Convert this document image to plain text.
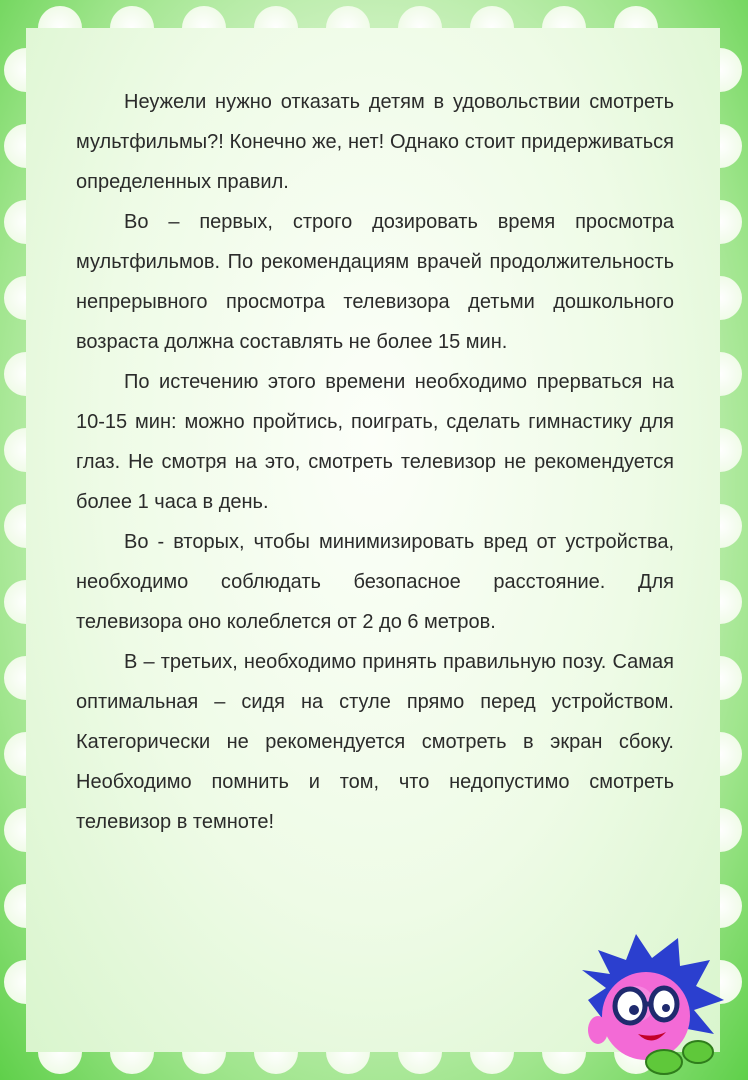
Неужели нужно отказать детям в удовольствии смотреть мультфильмы?! Конечно же, нет! Однако стоит придерживаться определенных правил.

Во – первых, строго дозировать время просмотра мультфильмов. По рекомендациям врачей продолжительность непрерывного просмотра телевизора детьми дошкольного возраста должна составлять не более 15 мин.

По истечению этого времени необходимо прерваться на 10-15 мин: можно пройтись, поиграть, сделать гимнастику для глаз. Не смотря на это, смотреть телевизор не рекомендуется более 1 часа в день.

Во - вторых, чтобы минимизировать вред от устройства, необходимо соблюдать безопасное расстояние. Для телевизора оно колеблется от 2 до 6 метров.

В – третьих, необходимо принять правильную позу. Самая оптимальная – сидя на стуле прямо перед устройством. Категорически не рекомендуется смотреть в экран сбоку. Необходимо помнить и том, что недопустимо смотреть телевизор в темноте!
